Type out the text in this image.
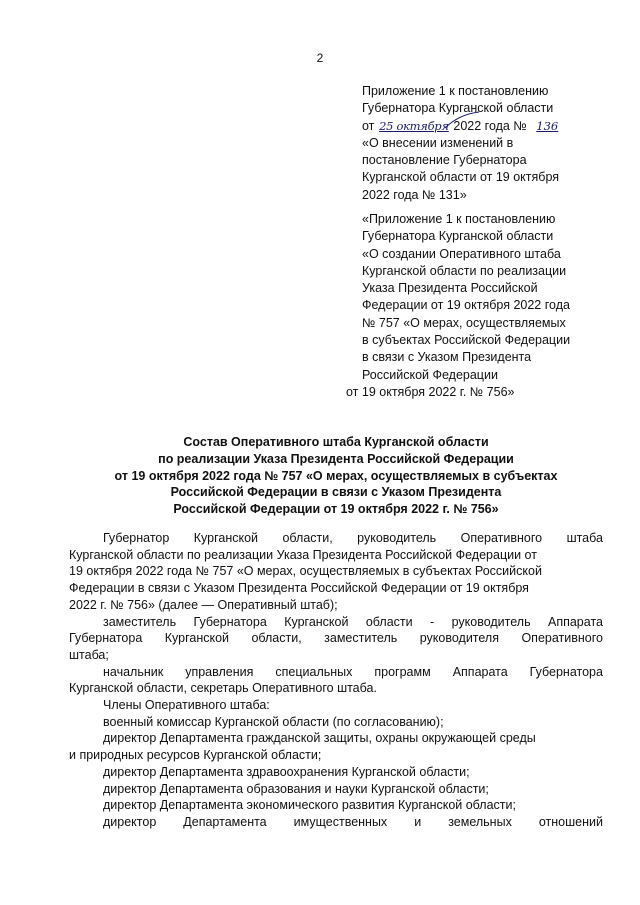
2
Приложение 1 к постановлению
Губернатора Курганской области
от 25 октября 2022 года № 136
«О внесении изменений в
постановление Губернатора
Курганской области от 19 октября
2022 года № 131»
«Приложение 1 к постановлению
Губернатора Курганской области
«О создании Оперативного штаба
Курганской области по реализации
Указа Президента Российской
Федерации от 19 октября 2022 года
№ 757 «О мерах, осуществляемых
в субъектах Российской Федерации
в связи с Указом Президента
Российской Федерации
от 19 октября 2022 г. № 756»
Состав Оперативного штаба Курганской области
по реализации Указа Президента Российской Федерации
от 19 октября 2022 года № 757 «О мерах, осуществляемых в субъектах
Российской Федерации в связи с Указом Президента
Российской Федерации от 19 октября 2022 г. № 756»
Губернатор Курганской области, руководитель Оперативного штаба
Курганской области по реализации Указа Президента Российской Федерации от
19 октября 2022 года № 757 «О мерах, осуществляемых в субъектах Российской
Федерации в связи с Указом Президента Российской Федерации от 19 октября
2022 г. № 756» (далее — Оперативный штаб);
заместитель Губернатора Курганской области - руководитель Аппарата
Губернатора Курганской области, заместитель руководителя Оперативного
штаба;
начальник управления специальных программ Аппарата Губернатора
Курганской области, секретарь Оперативного штаба.
Члены Оперативного штаба:
военный комиссар Курганской области (по согласованию);
директор Департамента гражданской защиты, охраны окружающей среды
и природных ресурсов Курганской области;
директор Департамента здравоохранения Курганской области;
директор Департамента образования и науки Курганской области;
директор Департамента экономического развития Курганской области;
директор Департамента имущественных и земельных отношений
